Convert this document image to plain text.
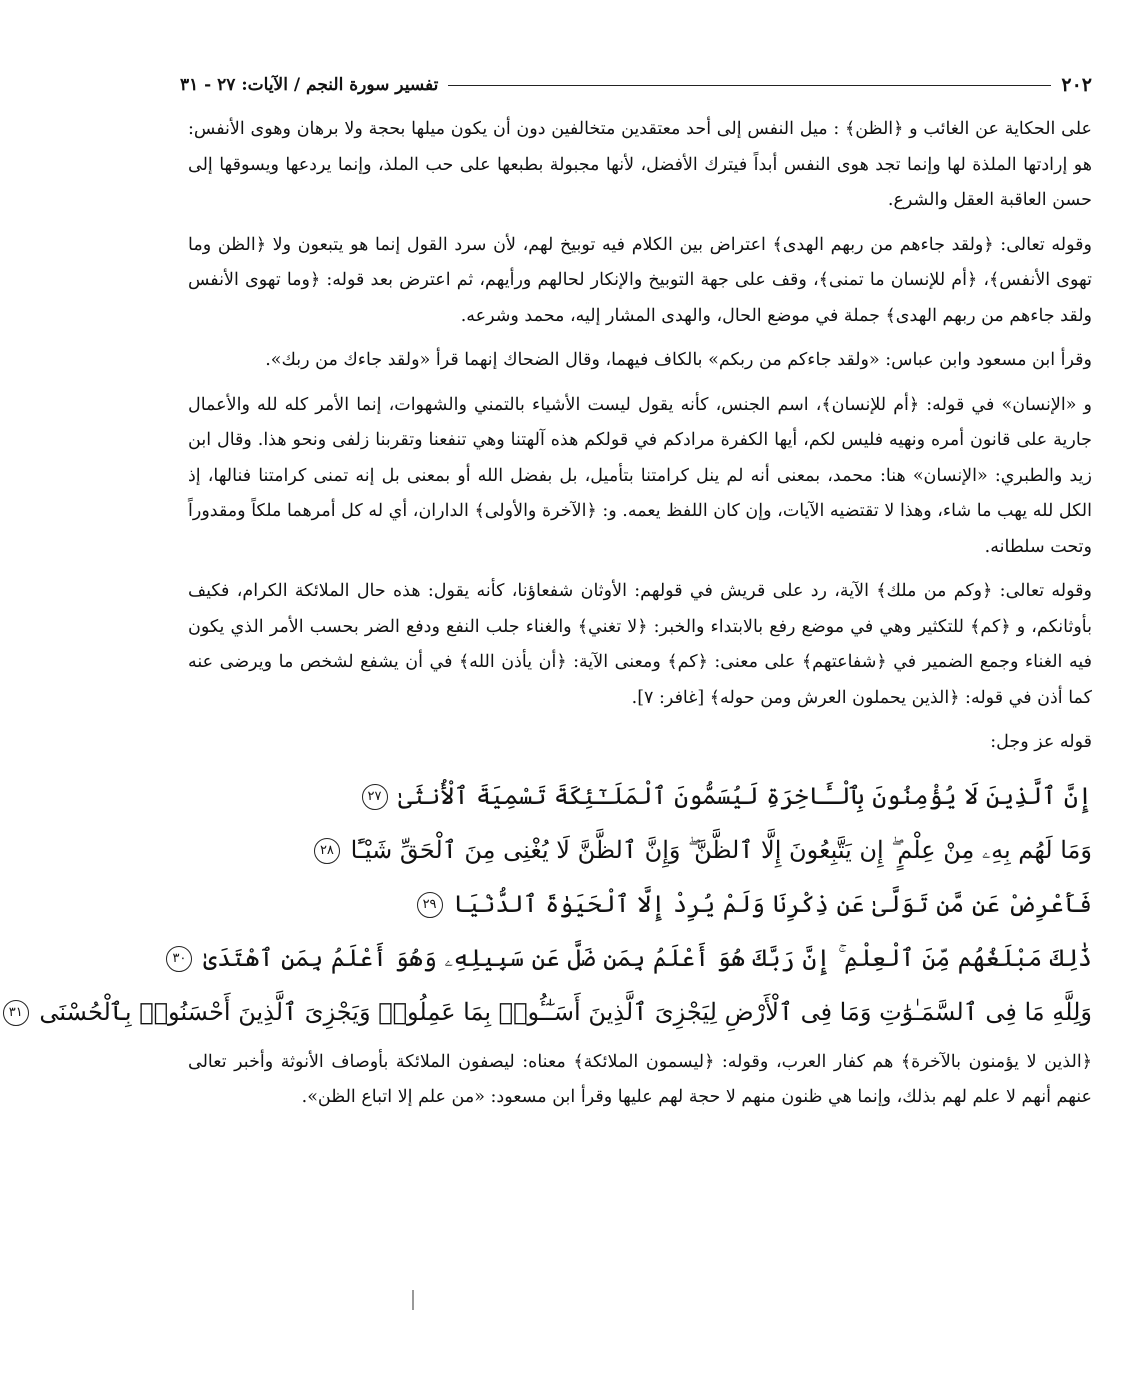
٢٠٢
تفسير سورة النجم / الآيات: ٢٧ - ٣١

على الحكاية عن الغائب و ﴿الظن﴾ : ميل النفس إلى أحد معتقدين متخالفين دون أن يكون ميلها بحجة ولا برهان وهوى الأنفس: هو إرادتها الملذة لها وإنما تجد هوى النفس أبداً فيترك الأفضل، لأنها مجبولة بطبعها على حب الملذ، وإنما يردعها ويسوقها إلى حسن العاقبة العقل والشرع.

وقوله تعالى: ﴿ولقد جاءهم من ربهم الهدى﴾ اعتراض بين الكلام فيه توبيخ لهم، لأن سرد القول إنما هو يتبعون ولا ﴿الظن وما تهوى الأنفس﴾، ﴿أم للإنسان ما تمنى﴾، وقف على جهة التوبيخ والإنكار لحالهم ورأيهم، ثم اعترض بعد قوله: ﴿وما تهوى الأنفس ولقد جاءهم من ربهم الهدى﴾ جملة في موضع الحال، والهدى المشار إليه، محمد وشرعه.

وقرأ ابن مسعود وابن عباس: «ولقد جاءكم من ربكم» بالكاف فيهما، وقال الضحاك إنهما قرأ «ولقد جاءك من ربك».

و «الإنسان» في قوله: ﴿أم للإنسان﴾، اسم الجنس، كأنه يقول ليست الأشياء بالتمني والشهوات، إنما الأمر كله لله والأعمال جارية على قانون أمره ونهيه فليس لكم، أيها الكفرة مرادكم في قولكم هذه آلهتنا وهي تنفعنا وتقربنا زلفى ونحو هذا. وقال ابن زيد والطبري: «الإنسان» هنا: محمد، بمعنى أنه لم ينل كرامتنا بتأميل، بل بفضل الله أو بمعنى بل إنه تمنى كرامتنا فنالها، إذ الكل لله يهب ما شاء، وهذا لا تقتضيه الآيات، وإن كان اللفظ يعمه. و: ﴿الآخرة والأولى﴾ الداران، أي له كل أمرهما ملكاً ومقدوراً وتحت سلطانه.

وقوله تعالى: ﴿وكم من ملك﴾ الآية، رد على قريش في قولهم: الأوثان شفعاؤنا، كأنه يقول: هذه حال الملائكة الكرام، فكيف بأوثانكم، و ﴿كم﴾ للتكثير وهي في موضع رفع بالابتداء والخبر: ﴿لا تغني﴾ والغناء جلب النفع ودفع الضر بحسب الأمر الذي يكون فيه الغناء وجمع الضمير في ﴿شفاعتهم﴾ على معنى: ﴿كم﴾ ومعنى الآية: ﴿أن يأذن الله﴾ في أن يشفع لشخص ما ويرضى عنه كما أذن في قوله: ﴿الذين يحملون العرش ومن حوله﴾ [غافر: ٧].

قوله عز وجل:

إِنَّ ٱلَّذِينَ لَا يُؤْمِنُونَ بِٱلْـَٔاخِرَةِ لَيُسَمُّونَ ٱلْمَلَـٰٓئِكَةَ تَسْمِيَةَ ٱلْأُنثَىٰ ٢٧
وَمَا لَهُم بِهِۦ مِنْ عِلْمٍ ۖ إِن يَتَّبِعُونَ إِلَّا ٱلظَّنَّ ۖ وَإِنَّ ٱلظَّنَّ لَا يُغْنِى مِنَ ٱلْحَقِّ شَيْـًٔا ٢٨
فَأَعْرِضْ عَن مَّن تَوَلَّىٰ عَن ذِكْرِنَا وَلَمْ يُرِدْ إِلَّا ٱلْحَيَوٰةَ ٱلدُّنْيَا ٢٩
ذَٰلِكَ مَبْلَغُهُم مِّنَ ٱلْعِلْمِ ۚ إِنَّ رَبَّكَ هُوَ أَعْلَمُ بِمَن ضَلَّ عَن سَبِيلِهِۦ وَهُوَ أَعْلَمُ بِمَنِ ٱهْتَدَىٰ ٣٠
وَلِلَّهِ مَا فِى ٱلسَّمَـٰوَٰتِ وَمَا فِى ٱلْأَرْضِ لِيَجْزِىَ ٱلَّذِينَ أَسَـٰٓـُٔوا۟ بِمَا عَمِلُوا۟ وَيَجْزِىَ ٱلَّذِينَ أَحْسَنُوا۟ بِٱلْحُسْنَى ٣١

﴿الذين لا يؤمنون بالآخرة﴾ هم كفار العرب، وقوله: ﴿ليسمون الملائكة﴾ معناه: ليصفون الملائكة بأوصاف الأنوثة وأخبر تعالى عنهم أنهم لا علم لهم بذلك، وإنما هي ظنون منهم لا حجة لهم عليها وقرأ ابن مسعود: «من علم إلا اتباع الظن».
